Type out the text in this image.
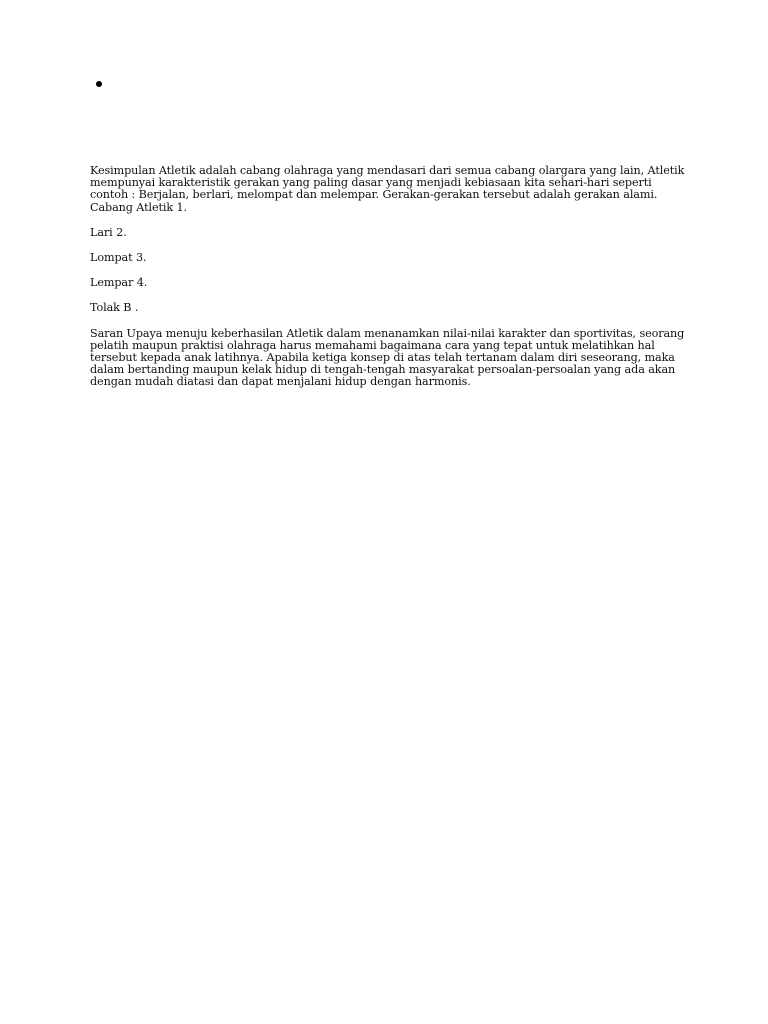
Kesimpulan Atletik adalah cabang olahraga yang mendasari dari semua cabang olargara yang lain, Atletik mempunyai karakteristik gerakan yang paling dasar yang menjadi kebiasaan kita sehari-hari seperti contoh : Berjalan, berlari, melompat dan melempar. Gerakan-gerakan tersebut adalah gerakan alami. Cabang Atletik 1.

Lari 2.

Lompat 3.

Lempar 4.

Tolak B .

Saran Upaya menuju keberhasilan Atletik dalam menanamkan nilai-nilai karakter dan sportivitas, seorang pelatih maupun praktisi olahraga harus memahami bagaimana cara yang tepat untuk melatihkan hal tersebut kepada anak latihnya. Apabila ketiga konsep di atas telah tertanam dalam diri seseorang, maka dalam bertanding maupun kelak hidup di tengah-tengah masyarakat persoalan-persoalan yang ada akan dengan mudah diatasi dan dapat menjalani hidup dengan harmonis.
